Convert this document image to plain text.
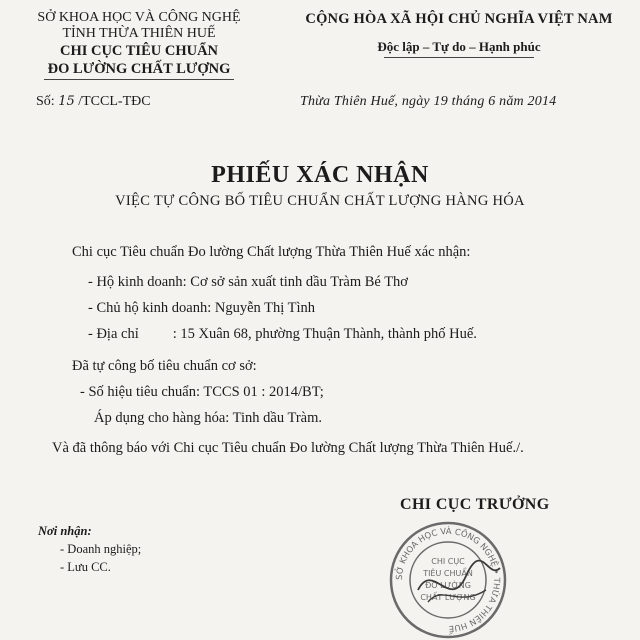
SỞ KHOA HỌC VÀ CÔNG NGHỆ
TỈNH THỪA THIÊN HUẾ
CHI CỤC TIÊU CHUẨN
ĐO LƯỜNG CHẤT LƯỢNG
Số: 15 /TCCL-TĐC
CỘNG HÒA XÃ HỘI CHỦ NGHĨA VIỆT NAM
Độc lập – Tự do – Hạnh phúc
Thừa Thiên Huế, ngày 19 tháng 6 năm 2014
PHIẾU XÁC NHẬN
VIỆC TỰ CÔNG BỐ TIÊU CHUẨN CHẤT LƯỢNG HÀNG HÓA
Chi cục Tiêu chuẩn Đo lường Chất lượng Thừa Thiên Huế xác nhận:
- Hộ kinh doanh: Cơ sở sản xuất tinh dầu Tràm Bé Thơ
- Chủ hộ kinh doanh: Nguyễn Thị Tình
- Địa chỉ : 15 Xuân 68, phường Thuận Thành, thành phố Huế.
Đã tự công bố tiêu chuẩn cơ sở:
- Số hiệu tiêu chuẩn: TCCS 01 : 2014/BT;
Áp dụng cho hàng hóa: Tinh dầu Tràm.
Và đã thông báo với Chi cục Tiêu chuẩn Đo lường Chất lượng Thừa Thiên Huế./.
CHI CỤC TRƯỞNG
SỞ KHOA HỌC VÀ CÔNG NGHỆ • THỪA THIÊN HUẾ
CHI CỤC
TIÊU CHUẨN
ĐO LƯỜNG
CHẤT LƯỢNG
Nơi nhận:
- Doanh nghiệp;
- Lưu CC.
